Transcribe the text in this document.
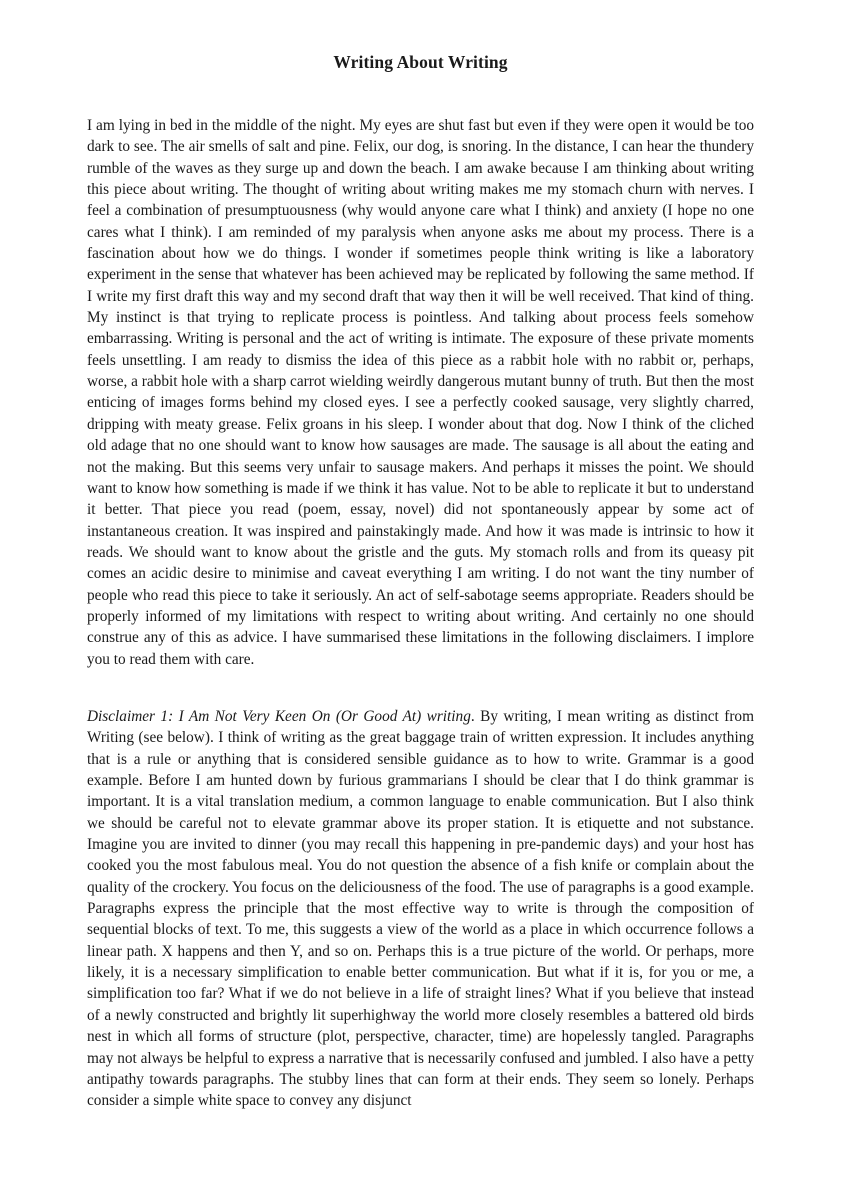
Writing About Writing

I am lying in bed in the middle of the night. My eyes are shut fast but even if they were open it would be too dark to see. The air smells of salt and pine. Felix, our dog, is snoring. In the distance, I can hear the thundery rumble of the waves as they surge up and down the beach. I am awake because I am thinking about writing this piece about writing. The thought of writing about writing makes me my stomach churn with nerves. I feel a combination of presumptuousness (why would anyone care what I think) and anxiety (I hope no one cares what I think). I am reminded of my paralysis when anyone asks me about my process. There is a fascination about how we do things. I wonder if sometimes people think writing is like a laboratory experiment in the sense that whatever has been achieved may be replicated by following the same method. If I write my first draft this way and my second draft that way then it will be well received. That kind of thing. My instinct is that trying to replicate process is pointless. And talking about process feels somehow embarrassing. Writing is personal and the act of writing is intimate. The exposure of these private moments feels unsettling. I am ready to dismiss the idea of this piece as a rabbit hole with no rabbit or, perhaps, worse, a rabbit hole with a sharp carrot wielding weirdly dangerous mutant bunny of truth. But then the most enticing of images forms behind my closed eyes. I see a perfectly cooked sausage, very slightly charred, dripping with meaty grease. Felix groans in his sleep. I wonder about that dog. Now I think of the cliched old adage that no one should want to know how sausages are made. The sausage is all about the eating and not the making. But this seems very unfair to sausage makers. And perhaps it misses the point. We should want to know how something is made if we think it has value. Not to be able to replicate it but to understand it better. That piece you read (poem, essay, novel) did not spontaneously appear by some act of instantaneous creation. It was inspired and painstakingly made. And how it was made is intrinsic to how it reads. We should want to know about the gristle and the guts. My stomach rolls and from its queasy pit comes an acidic desire to minimise and caveat everything I am writing. I do not want the tiny number of people who read this piece to take it seriously. An act of self-sabotage seems appropriate. Readers should be properly informed of my limitations with respect to writing about writing. And certainly no one should construe any of this as advice. I have summarised these limitations in the following disclaimers. I implore you to read them with care.

Disclaimer 1: I Am Not Very Keen On (Or Good At) writing. By writing, I mean writing as distinct from Writing (see below). I think of writing as the great baggage train of written expression. It includes anything that is a rule or anything that is considered sensible guidance as to how to write. Grammar is a good example. Before I am hunted down by furious grammarians I should be clear that I do think grammar is important. It is a vital translation medium, a common language to enable communication. But I also think we should be careful not to elevate grammar above its proper station. It is etiquette and not substance. Imagine you are invited to dinner (you may recall this happening in pre-pandemic days) and your host has cooked you the most fabulous meal. You do not question the absence of a fish knife or complain about the quality of the crockery. You focus on the deliciousness of the food. The use of paragraphs is a good example. Paragraphs express the principle that the most effective way to write is through the composition of sequential blocks of text. To me, this suggests a view of the world as a place in which occurrence follows a linear path. X happens and then Y, and so on. Perhaps this is a true picture of the world. Or perhaps, more likely, it is a necessary simplification to enable better communication. But what if it is, for you or me, a simplification too far? What if we do not believe in a life of straight lines? What if you believe that instead of a newly constructed and brightly lit superhighway the world more closely resembles a battered old birds nest in which all forms of structure (plot, perspective, character, time) are hopelessly tangled. Paragraphs may not always be helpful to express a narrative that is necessarily confused and jumbled. I also have a petty antipathy towards paragraphs. The stubby lines that can form at their ends. They seem so lonely. Perhaps consider a simple white space to convey any disjunct
